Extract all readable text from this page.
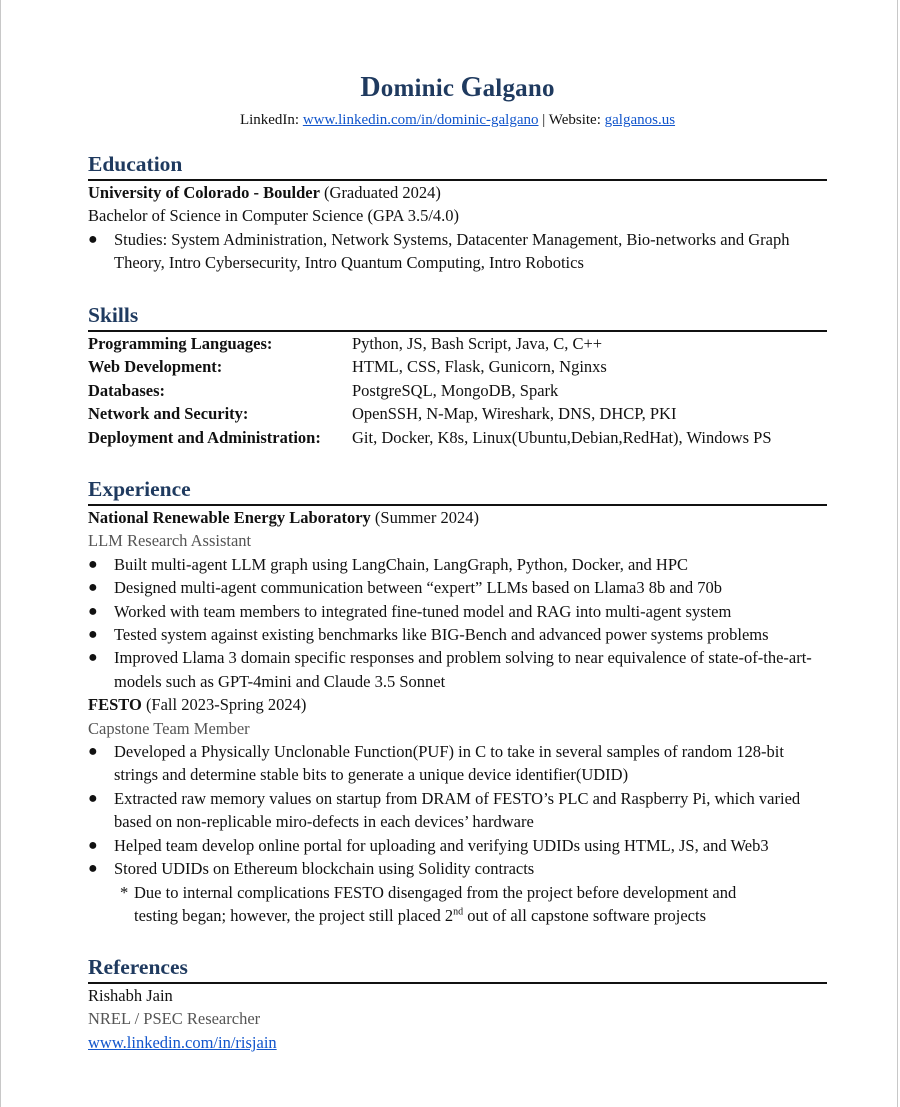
Dominic Galgano
LinkedIn: www.linkedin.com/in/dominic-galgano | Website: galganos.us
Education
University of Colorado - Boulder (Graduated 2024)
Bachelor of Science in Computer Science (GPA 3.5/4.0)
● Studies: System Administration, Network Systems, Datacenter Management, Bio-networks and Graph Theory, Intro Cybersecurity, Intro Quantum Computing, Intro Robotics
Skills
Programming Languages:	Python, JS, Bash Script, Java, C, C++
Web Development:	HTML, CSS, Flask, Gunicorn, Nginxs
Databases:	PostgreSQL, MongoDB, Spark
Network and Security:	OpenSSH, N-Map, Wireshark, DNS, DHCP, PKI
Deployment and Administration:	Git, Docker, K8s, Linux(Ubuntu,Debian,RedHat), Windows PS
Experience
National Renewable Energy Laboratory (Summer 2024)
LLM Research Assistant
● Built multi-agent LLM graph using LangChain, LangGraph, Python, Docker, and HPC
● Designed multi-agent communication between “expert” LLMs based on Llama3 8b and 70b
● Worked with team members to integrated fine-tuned model and RAG into multi-agent system
● Tested system against existing benchmarks like BIG-Bench and advanced power systems problems
● Improved Llama 3 domain specific responses and problem solving to near equivalence of state-of-the-art-models such as GPT-4mini and Claude 3.5 Sonnet
FESTO (Fall 2023-Spring 2024)
Capstone Team Member
● Developed a Physically Unclonable Function(PUF) in C to take in several samples of random 128-bit strings and determine stable bits to generate a unique device identifier(UDID)
● Extracted raw memory values on startup from DRAM of FESTO’s PLC and Raspberry Pi, which varied based on non-replicable miro-defects in each devices’ hardware
● Helped team develop online portal for uploading and verifying UDIDs using HTML, JS, and Web3
● Stored UDIDs on Ethereum blockchain using Solidity contracts
* Due to internal complications FESTO disengaged from the project before development and
testing began; however, the project still placed 2nd out of all capstone software projects
References
Rishabh Jain
NREL / PSEC Researcher
www.linkedin.com/in/risjain
